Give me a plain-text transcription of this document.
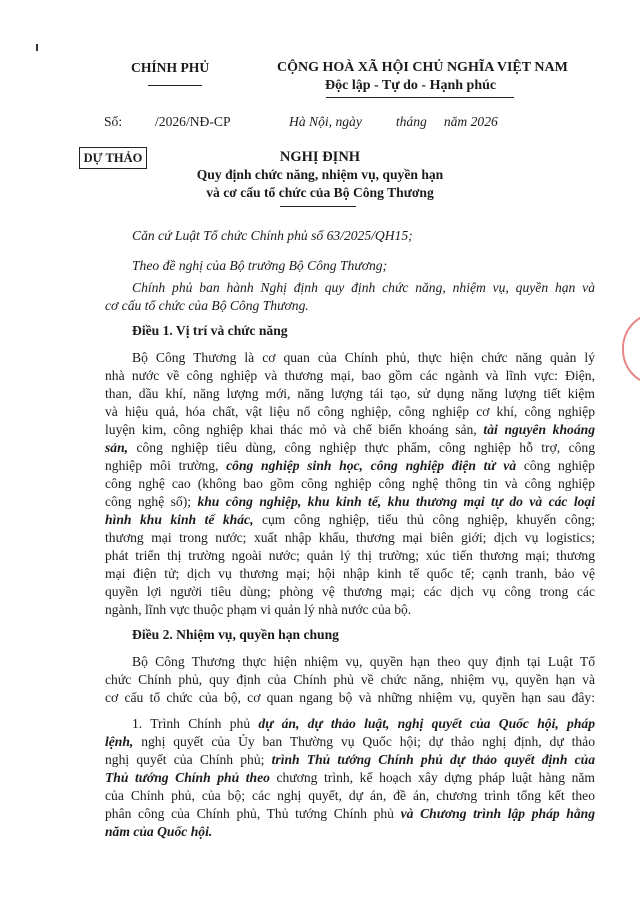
CHÍNH PHỦ	CỘNG HOÀ XÃ HỘI CHỦ NGHĨA VIỆT NAM
Độc lập - Tự do - Hạnh phúc
Số: /2026/NĐ-CP	Hà Nội, ngày          tháng     năm 2026
DỰ THẢO	NGHỊ ĐỊNH
Quy định chức năng, nhiệm vụ, quyền hạn
và cơ cấu tổ chức của Bộ Công Thương
Căn cứ Luật Tổ chức Chính phủ số 63/2025/QH15;
Theo đề nghị của Bộ trưởng Bộ Công Thương;
Chính phủ ban hành Nghị định quy định chức năng, nhiệm vụ, quyền hạn và
cơ cấu tổ chức của Bộ Công Thương.
Điều 1. Vị trí và chức năng
Bộ Công Thương là cơ quan của Chính phủ, thực hiện chức năng quản lý
nhà nước về công nghiệp và thương mại, bao gồm các ngành và lĩnh vực: Điện,
than, dầu khí, năng lượng mới, năng lượng tái tạo, sử dụng năng lượng tiết kiệm
và hiệu quả, hóa chất, vật liệu nổ công nghiệp, công nghiệp cơ khí, công nghiệp
luyện kim, công nghiệp khai thác mỏ và chế biến khoáng sản, tài nguyên khoáng
sản, công nghiệp tiêu dùng, công nghiệp thực phẩm, công nghiệp hỗ trợ, công
nghiệp môi trường, công nghiệp sinh học, công nghiệp điện tử và công nghiệp
công nghệ cao (không bao gồm công nghiệp công nghệ thông tin và công nghiệp
công nghệ số); khu công nghiệp, khu kinh tế, khu thương mại tự do và các loại
hình khu kinh tế khác, cụm công nghiệp, tiểu thủ công nghiệp, khuyến công;
thương mại trong nước; xuất nhập khẩu, thương mại biên giới; dịch vụ logistics;
phát triển thị trường ngoài nước; quản lý thị trường; xúc tiến thương mại; thương
mại điện tử; dịch vụ thương mại; hội nhập kinh tế quốc tế; cạnh tranh, bảo vệ
quyền lợi người tiêu dùng; phòng vệ thương mại; các dịch vụ công trong các
ngành, lĩnh vực thuộc phạm vi quản lý nhà nước của bộ.
Điều 2. Nhiệm vụ, quyền hạn chung
Bộ Công Thương thực hiện nhiệm vụ, quyền hạn theo quy định tại Luật Tổ
chức Chính phủ, quy định của Chính phủ về chức năng, nhiệm vụ, quyền hạn và
cơ cấu tổ chức của bộ, cơ quan ngang bộ và những nhiệm vụ, quyền hạn sau đây:
1. Trình Chính phủ dự án, dự thảo luật, nghị quyết của Quốc hội, pháp
lệnh, nghị quyết của Ủy ban Thường vụ Quốc hội; dự thảo nghị định, dự thảo
nghị quyết của Chính phủ; trình Thủ tướng Chính phủ dự thảo quyết định của
Thủ tướng Chính phủ theo chương trình, kế hoạch xây dựng pháp luật hàng năm
của Chính phủ, của bộ; các nghị quyết, dự án, đề án, chương trình tổng kết theo
phân công của Chính phủ, Thủ tướng Chính phủ và Chương trình lập pháp hằng
năm của Quốc hội.
